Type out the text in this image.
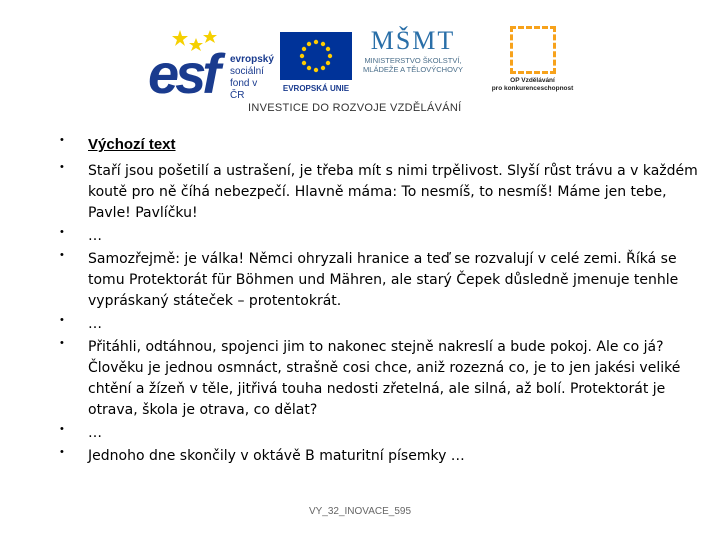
esf evropský
sociální
fond v ČR
EVROPSKÁ UNIE
MŠMT
MINISTERSTVO ŠKOLSTVÍ,
MLÁDEŽE A TĚLOVÝCHOVY
OP Vzdělávání
pro konkurenceschopnost
INVESTICE DO ROZVOJE VZDĚLÁVÁNÍ
•	Výchozí text
•	Staří jsou pošetilí a ustrašení, je třeba mít s nimi trpělivost. Slyší růst trávu a v každém koutě pro ně číhá nebezpečí. Hlavně máma: To nesmíš, to nesmíš! Máme jen tebe, Pavle! Pavlíčku!
•	…
•	Samozřejmě: je válka! Němci ohryzali hranice a teď se rozvalují v celé zemi. Říká se tomu Protektorát für Böhmen und Mähren, ale starý Čepek důsledně jmenuje tenhle vypráskaný státeček – protentokrát.
•	…
•	Přitáhli, odtáhnou, spojenci jim to nakonec stejně nakreslí a bude pokoj. Ale co já? Člověku je jednou osmnáct, strašně cosi chce, aniž rozezná co, je to jen jakési veliké chtění a žízeň v těle, jitřivá touha nedosti zřetelná, ale silná, až bolí. Protektorát je otrava, škola je otrava, co dělat?
•	…
•	Jednoho dne skončily v oktávě B maturitní písemky …
VY_32_INOVACE_595
